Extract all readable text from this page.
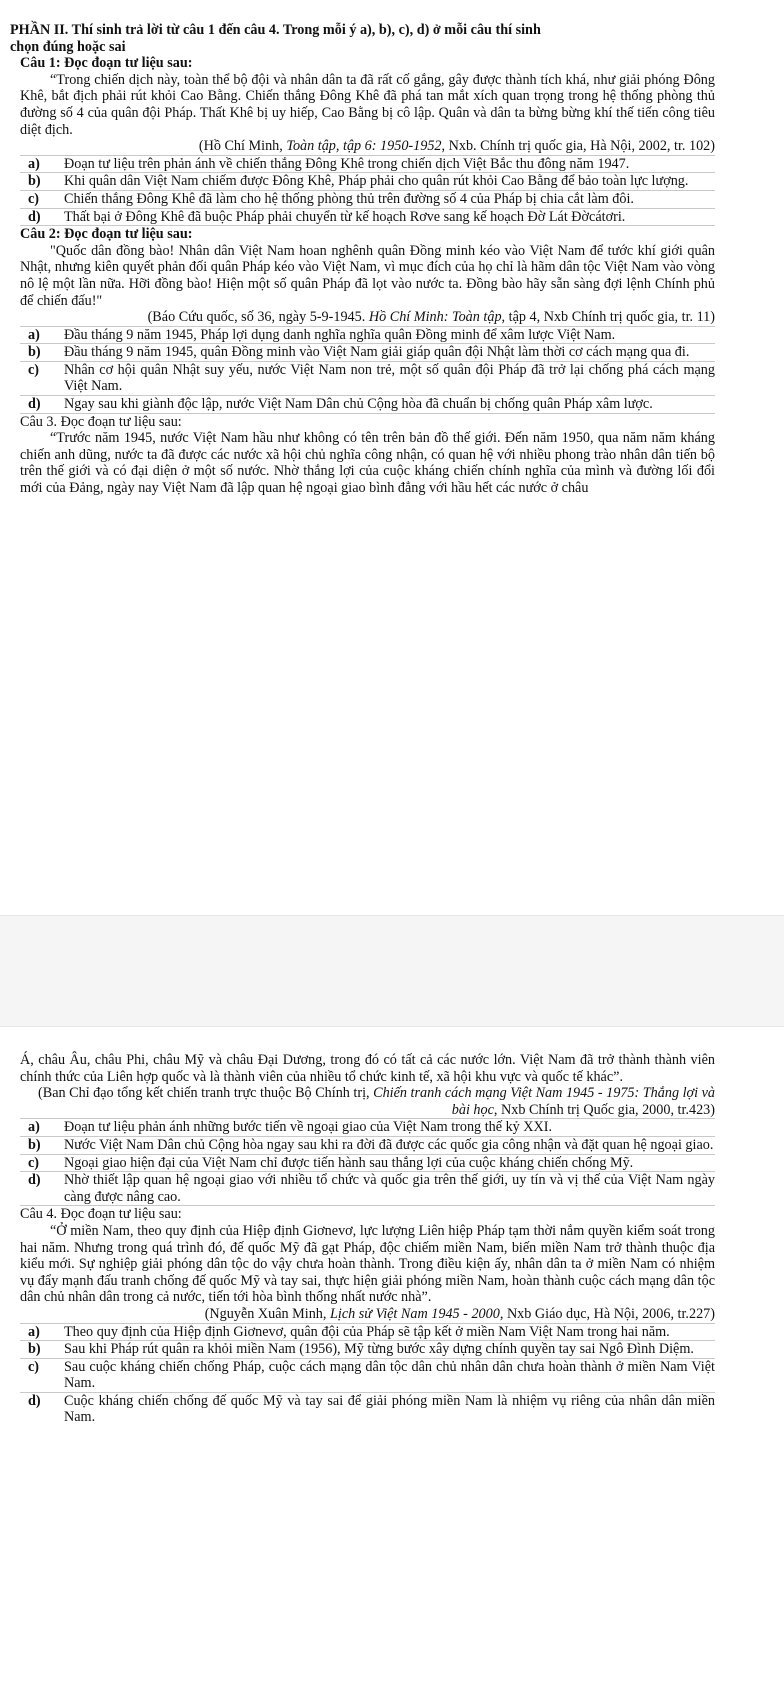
PHẦN II. Thí sinh trả lời từ câu 1 đến câu 4. Trong mỗi ý a), b), c), d) ở mỗi câu thí sinh
chọn đúng hoặc sai

Câu 1: Đọc đoạn tư liệu sau:

“Trong chiến dịch này, toàn thể bộ đội và nhân dân ta đã rất cố gắng, gây được thành tích khá, như giải phóng Đông Khê, bắt địch phải rút khỏi Cao Bằng. Chiến thắng Đông Khê đã phá tan mắt xích quan trọng trong hệ thống phòng thủ đường số 4 của quân đội Pháp. Thất Khê bị uy hiếp, Cao Bằng bị cô lập. Quân và dân ta bừng bừng khí thế tiến công tiêu diệt địch.

(Hồ Chí Minh, Toàn tập, tập 6: 1950-1952, Nxb. Chính trị quốc gia, Hà Nội, 2002, tr. 102)

a)	Đoạn tư liệu trên phản ánh về chiến thắng Đông Khê trong chiến dịch Việt Bắc thu đông năm 1947.
b)	Khi quân dân Việt Nam chiếm được Đông Khê, Pháp phải cho quân rút khỏi Cao Bằng để bảo toàn lực lượng.
c)	Chiến thắng Đông Khê đã làm cho hệ thống phòng thủ trên đường số 4 của Pháp bị chia cắt làm đôi.
d)	Thất bại ở Đông Khê đã buộc Pháp phải chuyển từ kế hoạch Rơve sang kế hoạch Đờ Lát Đờcátơri.

Câu 2: Đọc đoạn tư liệu sau:

"Quốc dân đồng bào! Nhân dân Việt Nam hoan nghênh quân Đồng minh kéo vào Việt Nam để tước khí giới quân Nhật, nhưng kiên quyết phản đối quân Pháp kéo vào Việt Nam, vì mục đích của họ chỉ là hãm dân tộc Việt Nam vào vòng nô lệ một lần nữa. Hỡi đồng bào! Hiện một số quân Pháp đã lọt vào nước ta. Đồng bào hãy sẵn sàng đợi lệnh Chính phủ để chiến đấu!"

(Báo Cứu quốc, số 36, ngày 5-9-1945. Hồ Chí Minh: Toàn tập, tập 4, Nxb Chính trị quốc gia, tr. 11)

a)	Đầu tháng 9 năm 1945, Pháp lợi dụng danh nghĩa nghĩa quân Đồng minh để xâm lược Việt Nam.
b)	Đầu tháng 9 năm 1945, quân Đồng minh vào Việt Nam giải giáp quân đội Nhật làm thời cơ cách mạng qua đi.
c)	Nhân cơ hội quân Nhật suy yếu, nước Việt Nam non trẻ, một số quân đội Pháp đã trở lại chống phá cách mạng Việt Nam.
d)	Ngay sau khi giành độc lập, nước Việt Nam Dân chủ Cộng hòa đã chuẩn bị chống quân Pháp xâm lược.

Câu 3. Đọc đoạn tư liệu sau:

“Trước năm 1945, nước Việt Nam hầu như không có tên trên bản đồ thế giới. Đến năm 1950, qua năm năm kháng chiến anh dũng, nước ta đã được các nước xã hội chủ nghĩa công nhận, có quan hệ với nhiều phong trào nhân dân tiến bộ trên thế giới và có đại diện ở một số nước. Nhờ thắng lợi của cuộc kháng chiến chính nghĩa của mình và đường lối đổi mới của Đảng, ngày nay Việt Nam đã lập quan hệ ngoại giao bình đẳng với hầu hết các nước ở châu

Á, châu Âu, châu Phi, châu Mỹ và châu Đại Dương, trong đó có tất cả các nước lớn. Việt Nam đã trở thành thành viên chính thức của Liên hợp quốc và là thành viên của nhiều tổ chức kinh tế, xã hội khu vực và quốc tế khác”.

(Ban Chỉ đạo tổng kết chiến tranh trực thuộc Bộ Chính trị, Chiến tranh cách mạng Việt Nam 1945 - 1975: Thắng lợi và bài học, Nxb Chính trị Quốc gia, 2000, tr.423)

a)	Đoạn tư liệu phản ánh những bước tiến về ngoại giao của Việt Nam trong thế kỷ XXI.
b)	Nước Việt Nam Dân chủ Cộng hòa ngay sau khi ra đời đã được các quốc gia công nhận và đặt quan hệ ngoại giao.
c)	Ngoại giao hiện đại của Việt Nam chỉ được tiến hành sau thắng lợi của cuộc kháng chiến chống Mỹ.
d)	Nhờ thiết lập quan hệ ngoại giao với nhiều tổ chức và quốc gia trên thế giới, uy tín và vị thế của Việt Nam ngày càng được nâng cao.

Câu 4. Đọc đoạn tư liệu sau:

“Ở miền Nam, theo quy định của Hiệp định Giơnevơ, lực lượng Liên hiệp Pháp tạm thời nắm quyền kiểm soát trong hai năm. Nhưng trong quá trình đó, đế quốc Mỹ đã gạt Pháp, độc chiếm miền Nam, biến miền Nam trở thành thuộc địa kiểu mới. Sự nghiệp giải phóng dân tộc do vậy chưa hoàn thành. Trong điều kiện ấy, nhân dân ta ở miền Nam có nhiệm vụ đẩy mạnh đấu tranh chống đế quốc Mỹ và tay sai, thực hiện giải phóng miền Nam, hoàn thành cuộc cách mạng dân tộc dân chủ nhân dân trong cả nước, tiến tới hòa bình thống nhất nước nhà”.

(Nguyễn Xuân Minh, Lịch sử Việt Nam 1945 - 2000, Nxb Giáo dục, Hà Nội, 2006, tr.227)

a)	Theo quy định của Hiệp định Giơnevơ, quân đội của Pháp sẽ tập kết ở miền Nam Việt Nam trong hai năm.
b)	Sau khi Pháp rút quân ra khỏi miền Nam (1956), Mỹ từng bước xây dựng chính quyền tay sai Ngô Đình Diệm.
c)	Sau cuộc kháng chiến chống Pháp, cuộc cách mạng dân tộc dân chủ nhân dân chưa hoàn thành ở miền Nam Việt Nam.
d)	Cuộc kháng chiến chống đế quốc Mỹ và tay sai để giải phóng miền Nam là nhiệm vụ riêng của nhân dân miền Nam.
